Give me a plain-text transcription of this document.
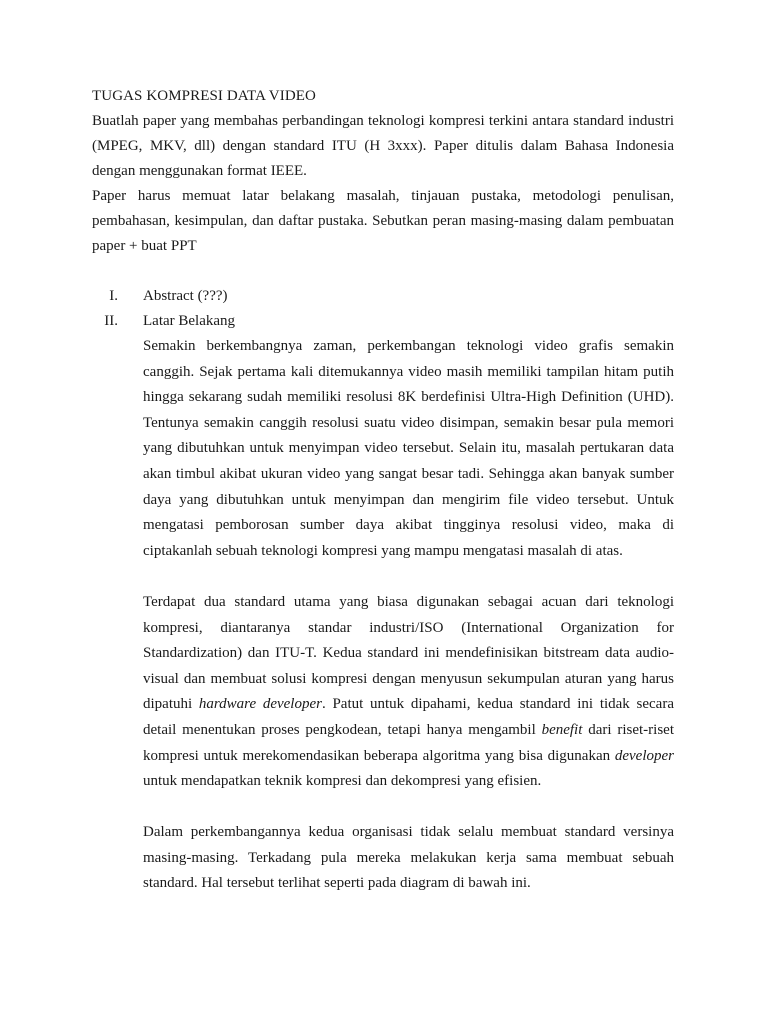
TUGAS KOMPRESI DATA VIDEO

Buatlah paper yang membahas perbandingan teknologi kompresi terkini antara standard industri (MPEG, MKV, dll) dengan standard ITU (H 3xxx). Paper ditulis dalam Bahasa Indonesia dengan menggunakan format IEEE.

Paper harus memuat latar belakang masalah, tinjauan pustaka, metodologi penulisan, pembahasan, kesimpulan, dan daftar pustaka. Sebutkan peran masing-masing dalam pembuatan paper + buat PPT

I. Abstract (???)
II. Latar Belakang

Semakin berkembangnya zaman, perkembangan teknologi video grafis semakin canggih. Sejak pertama kali ditemukannya video masih memiliki tampilan hitam putih hingga sekarang sudah memiliki resolusi 8K berdefinisi Ultra-High Definition (UHD). Tentunya semakin canggih resolusi suatu video disimpan, semakin besar pula memori yang dibutuhkan untuk menyimpan video tersebut. Selain itu, masalah pertukaran data akan timbul akibat ukuran video yang sangat besar tadi. Sehingga akan banyak sumber daya yang dibutuhkan untuk menyimpan dan mengirim file video tersebut. Untuk mengatasi pemborosan sumber daya akibat tingginya resolusi video, maka di ciptakanlah sebuah teknologi kompresi yang mampu mengatasi masalah di atas.

Terdapat dua standard utama yang biasa digunakan sebagai acuan dari teknologi kompresi, diantaranya standar industri/ISO (International Organization for Standardization) dan ITU-T. Kedua standard ini mendefinisikan bitstream data audio-visual dan membuat solusi kompresi dengan menyusun sekumpulan aturan yang harus dipatuhi hardware developer. Patut untuk dipahami, kedua standard ini tidak secara detail menentukan proses pengkodean, tetapi hanya mengambil benefit dari riset-riset kompresi untuk merekomendasikan beberapa algoritma yang bisa digunakan developer untuk mendapatkan teknik kompresi dan dekompresi yang efisien.

Dalam perkembangannya kedua organisasi tidak selalu membuat standard versinya masing-masing. Terkadang pula mereka melakukan kerja sama membuat sebuah standard. Hal tersebut terlihat seperti pada diagram di bawah ini.
